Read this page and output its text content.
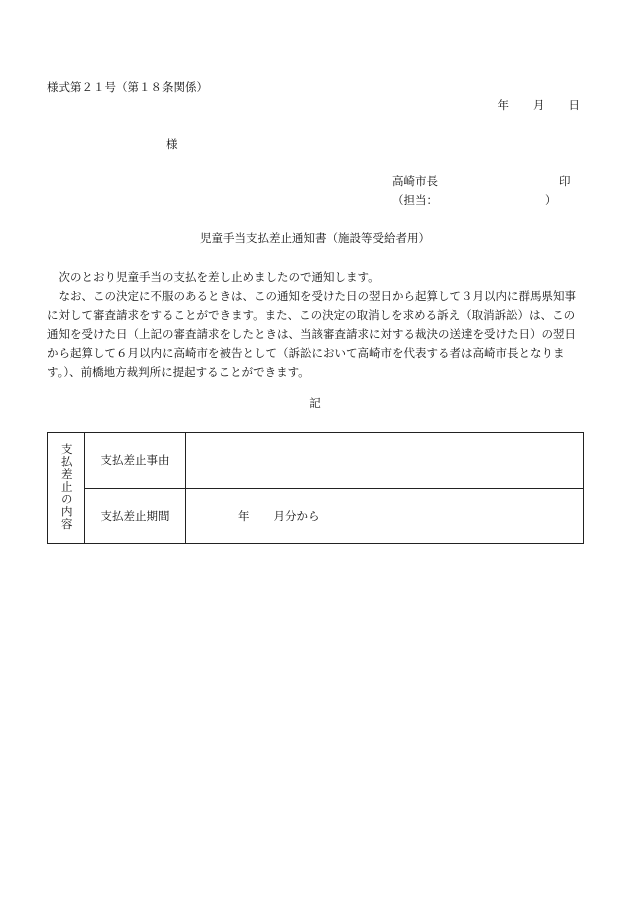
様式第２１号（第１８条関係）
年 月 日
様
高崎市長	印
（担当：	）
児童手当支払差止通知書（施設等受給者用）

次のとおり児童手当の支払を差し止めましたので通知します。

なお、この決定に不服のあるときは、この通知を受けた日の翌日から起算して３月以内に群馬県知事に対して審査請求をすることができます。また、この決定の取消しを求める訴え（取消訴訟）は、この通知を受けた日（上記の審査請求をしたときは、当該審査請求に対する裁決の送達を受けた日）の翌日から起算して６月以内に高崎市を被告として（訴訟において高崎市を代表する者は高崎市長となります。）、前橋地方裁判所に提起することができます。

記
支払差止の内容	支払差止事由	
	支払差止期間	年 月分から
